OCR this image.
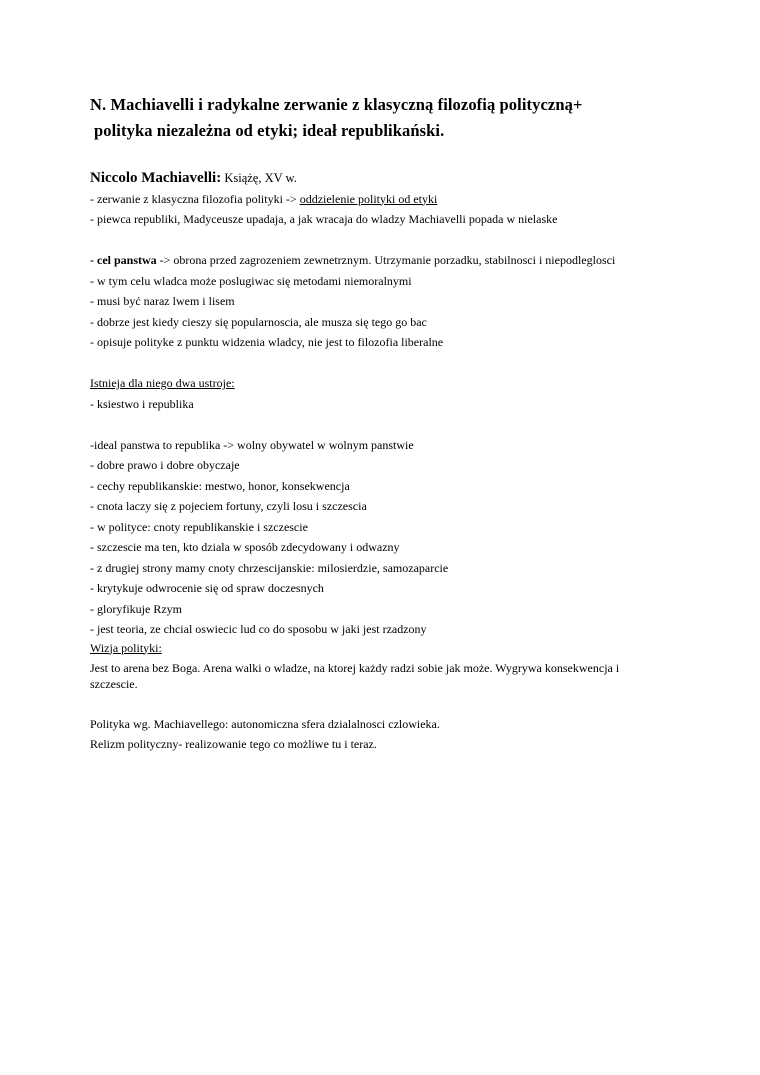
N. Machiavelli i radykalne zerwanie z klasyczną filozofią polityczną+
polityka niezależna od etyki; ideał republikański.
Niccolo Machiavelli: Książę, XV w.
- zerwanie z klasyczna filozofia polityki -> oddzielenie polityki od etyki
- piewca republiki, Madyceusze upadaja, a jak wracaja do wladzy Machiavelli popada w nielaske
- cel panstwa -> obrona przed zagrozeniem zewnetrznym. Utrzymanie porzadku, stabilnosci i niepodleglosci
- w tym celu wladca może poslugiwac się metodami niemoralnymi
- musi być naraz lwem i lisem
- dobrze jest kiedy cieszy się popularnoscia, ale musza się tego go bac
- opisuje polityke z punktu widzenia wladcy, nie jest to filozofia liberalne
Istnieja dla niego dwa ustroje:
- ksiestwo i republika
-ideal panstwa to republika -> wolny obywatel w wolnym panstwie
- dobre prawo i dobre obyczaje
- cechy republikanskie: mestwo, honor, konsekwencja
- cnota laczy się z pojeciem fortuny, czyli losu i szczescia
- w polityce: cnoty republikanskie i szczescie
- szczescie ma ten, kto dziala w sposób zdecydowany i odwazny
- z drugiej strony mamy cnoty chrzescijanskie: milosierdzie, samozaparcie
- krytykuje odwrocenie się od spraw doczesnych
- gloryfikuje Rzym
- jest teoria, ze chcial oswiecic lud co do sposobu w jaki jest rzadzony
Wizja polityki:
Jest to arena bez Boga. Arena walki o wladze, na ktorej każdy radzi sobie jak może. Wygrywa konsekwencja i szczescie.
Polityka wg. Machiavellego: autonomiczna sfera dzialalnosci czlowieka.
Relizm polityczny- realizowanie tego co możliwe tu i teraz.
